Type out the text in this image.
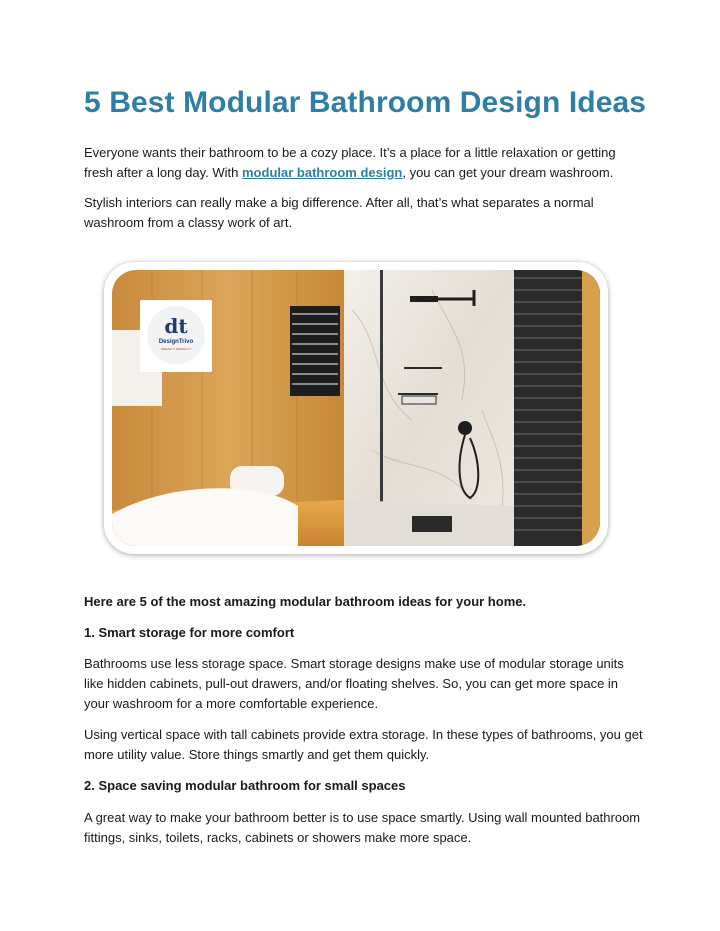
5 Best Modular Bathroom Design Ideas

Everyone wants their bathroom to be a cozy place. It’s a place for a little relaxation or getting fresh after a long day. With modular bathroom design, you can get your dream washroom.

Stylish interiors can really make a big difference. After all, that’s what separates a normal washroom from a classy work of art.

dt
DesignTrivo
DREAM IT DESIGN IT

Here are 5 of the most amazing modular bathroom ideas for your home.

1. Smart storage for more comfort

Bathrooms use less storage space. Smart storage designs make use of modular storage units like hidden cabinets, pull-out drawers, and/or floating shelves. So, you can get more space in your washroom for a more comfortable experience.

Using vertical space with tall cabinets provide extra storage. In these types of bathrooms, you get more utility value. Store things smartly and get them quickly.

2. Space saving modular bathroom for small spaces

A great way to make your bathroom better is to use space smartly. Using wall mounted bathroom fittings, sinks, toilets, racks, cabinets or showers make more space.
